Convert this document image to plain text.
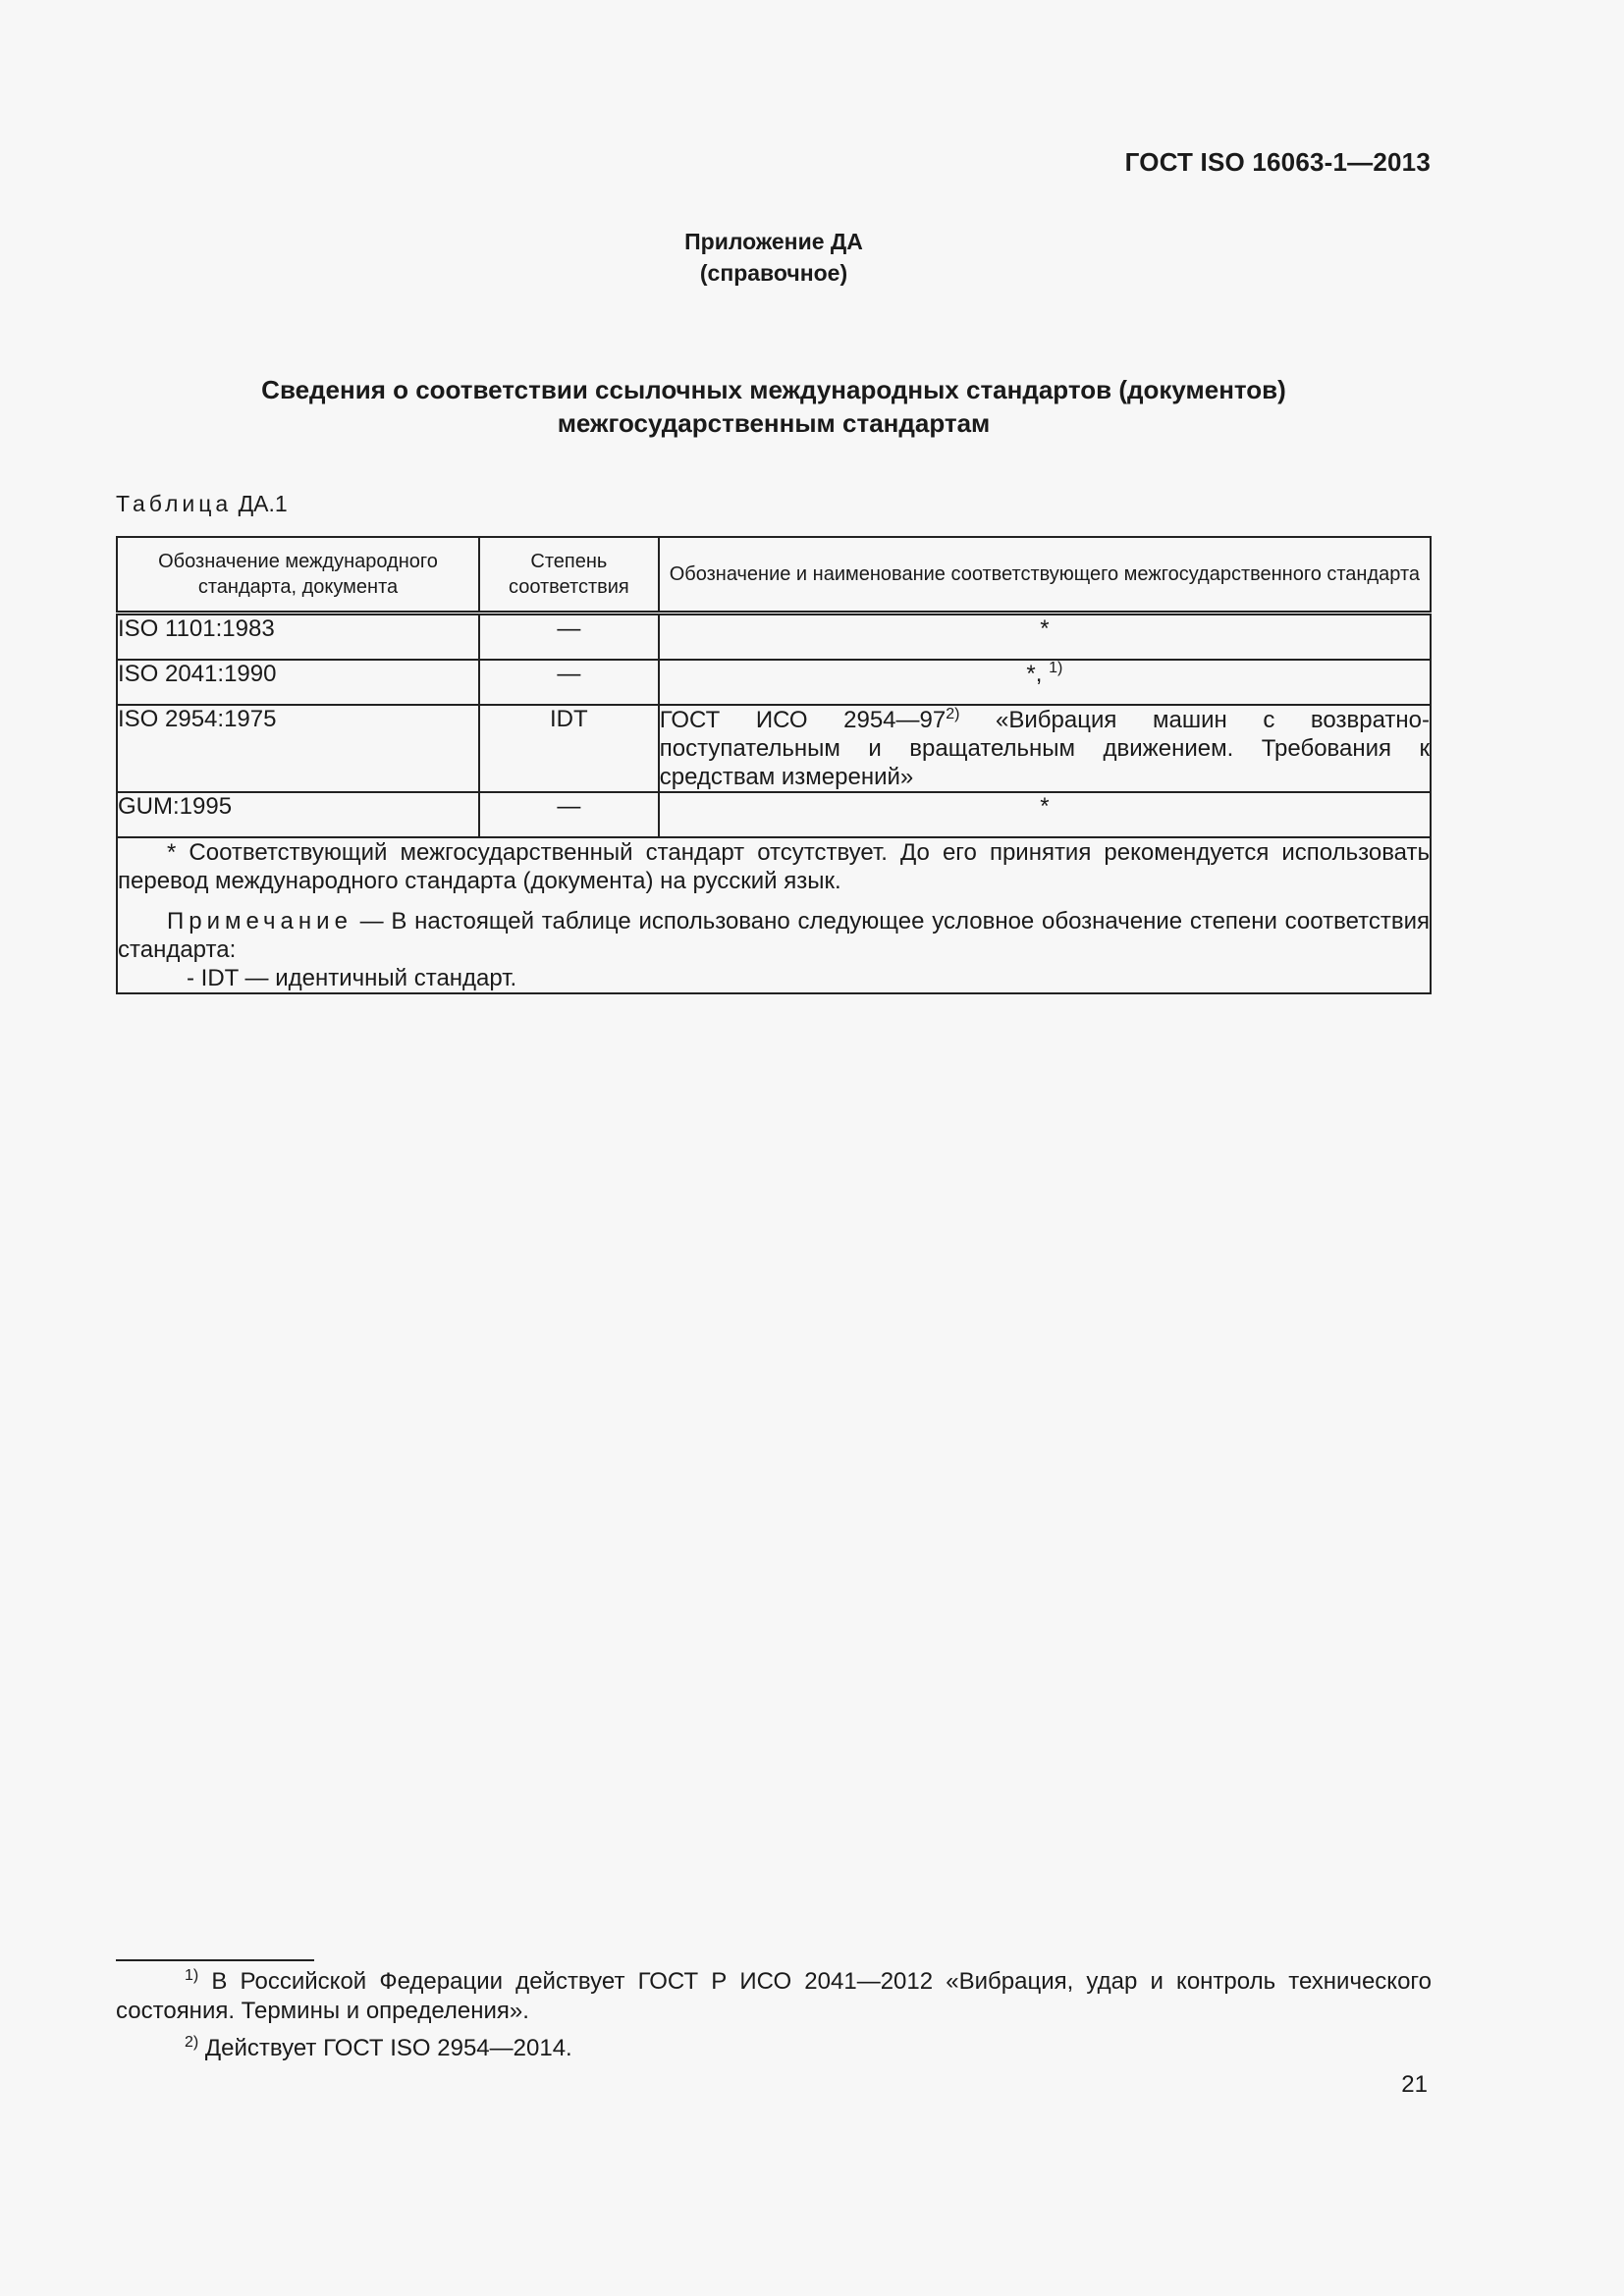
ГОСТ ISO 16063-1—2013
Приложение ДА
(справочное)
Сведения о соответствии ссылочных международных стандартов (документов)
межгосударственным стандартам
Таблица ДА.1
Обозначение международного стандарта, документа	Степень соответствия	Обозначение и наименование соответствующего межгосударственного стандарта
ISO 1101:1983	—	*
ISO 2041:1990	—	*, $^{1)}$
ISO 2954:1975	IDT	ГОСТ ИСО 2954—97$^{2)}$ «Вибрация машин с возвратно-поступательным и вращательным движением. Требования к средствам измерений»
GUM:1995	—	*

* Соответствующий межгосударственный стандарт отсутствует. До его принятия рекомендуется использовать перевод международного стандарта (документа) на русский язык.

Примечание — В настоящей таблице использовано следующее условное обозначение степени соответствия стандарта:

- IDT — идентичный стандарт.		
$^{1)}$ В Российской Федерации действует ГОСТ Р ИСО 2041—2012 «Вибрация, удар и контроль технического состояния. Термины и определения».
$^{2)}$ Действует ГОСТ ISO 2954—2014.
21
